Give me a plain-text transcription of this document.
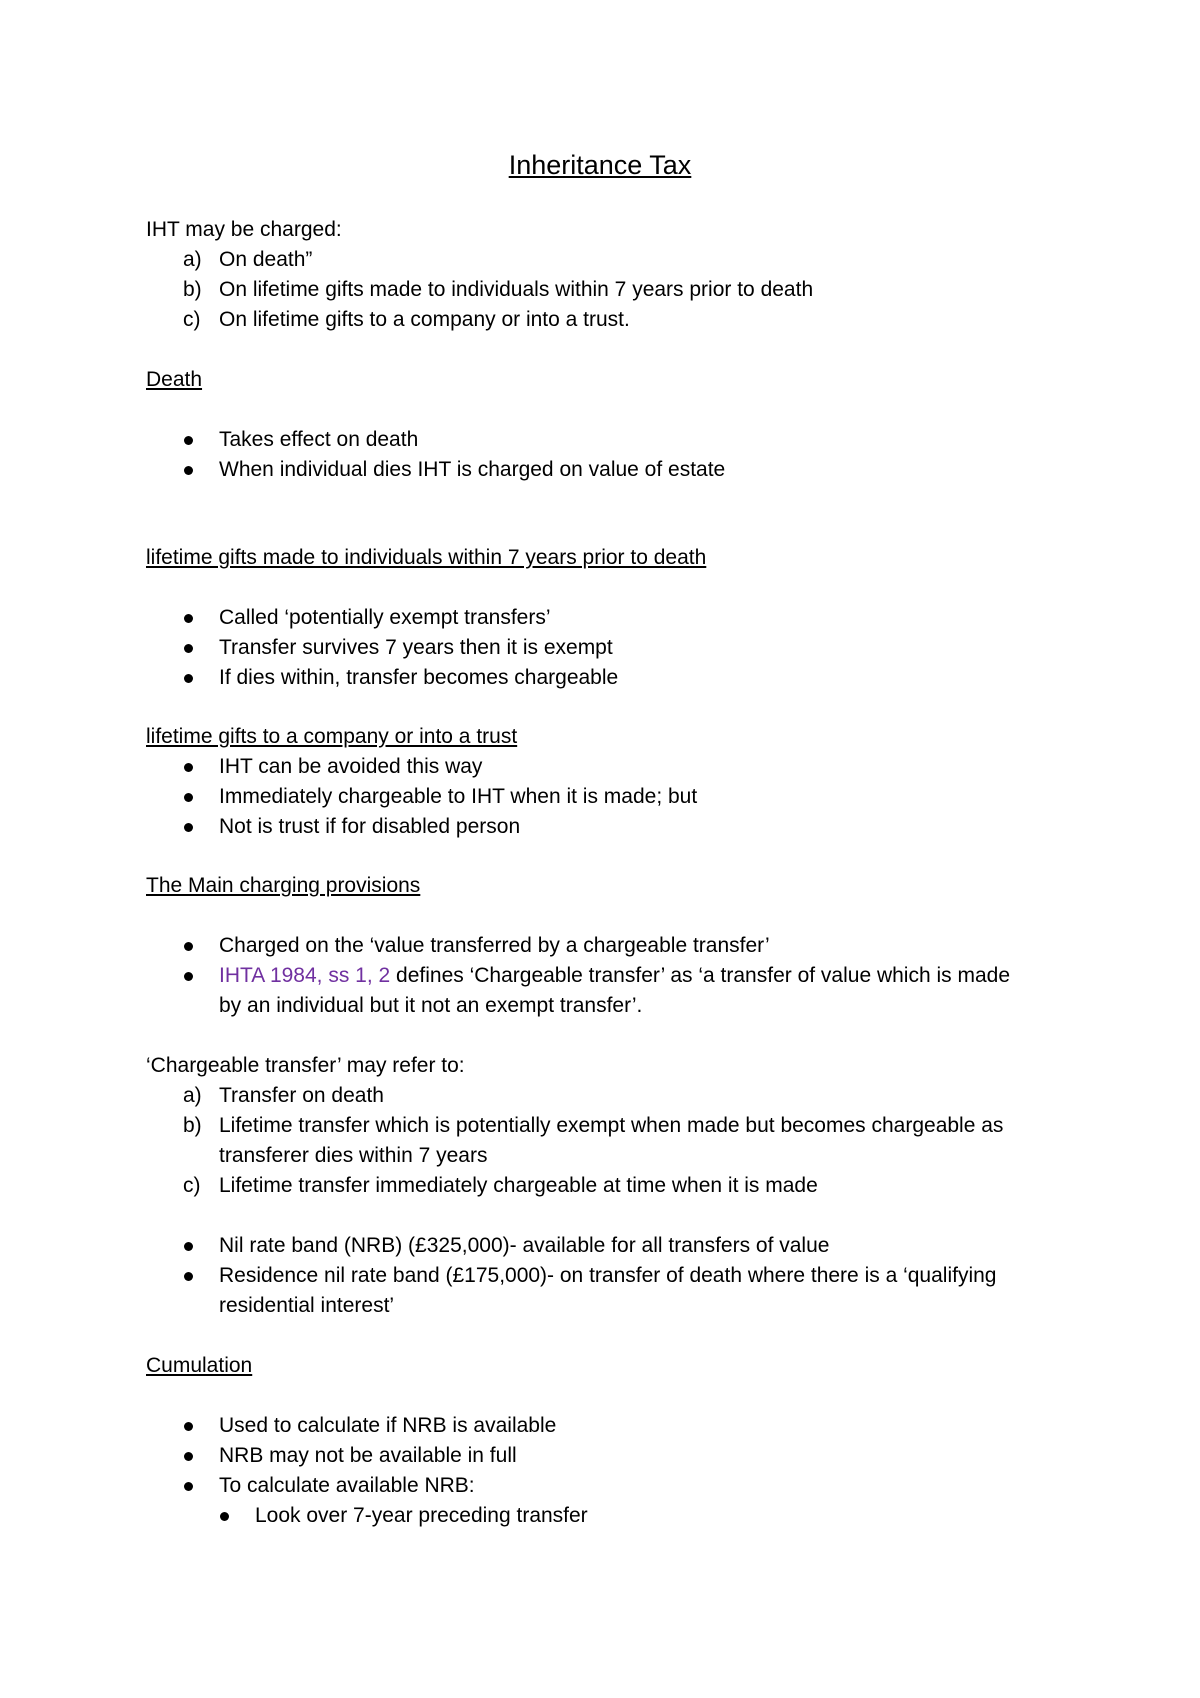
Inheritance Tax
IHT may be charged:
a) On death”
b) On lifetime gifts made to individuals within 7 years prior to death
c) On lifetime gifts to a company or into a trust.
Death
Takes effect on death
When individual dies IHT is charged on value of estate
lifetime gifts made to individuals within 7 years prior to death
Called ‘potentially exempt transfers’
Transfer survives 7 years then it is exempt
If dies within, transfer becomes chargeable
lifetime gifts to a company or into a trust
IHT can be avoided this way
Immediately chargeable to IHT when it is made; but
Not is trust if for disabled person
The Main charging provisions
Charged on the ‘value transferred by a chargeable transfer’
IHTA 1984, ss 1, 2 defines ‘Chargeable transfer’ as ‘a transfer of value which is made
by an individual but it not an exempt transfer’.
‘Chargeable transfer’ may refer to:
a) Transfer on death
b) Lifetime transfer which is potentially exempt when made but becomes chargeable as
transferer dies within 7 years
c) Lifetime transfer immediately chargeable at time when it is made
Nil rate band (NRB) (£325,000)- available for all transfers of value
Residence nil rate band (£175,000)- on transfer of death where there is a ‘qualifying
residential interest’
Cumulation
Used to calculate if NRB is available
NRB may not be available in full
To calculate available NRB:
Look over 7-year preceding transfer
